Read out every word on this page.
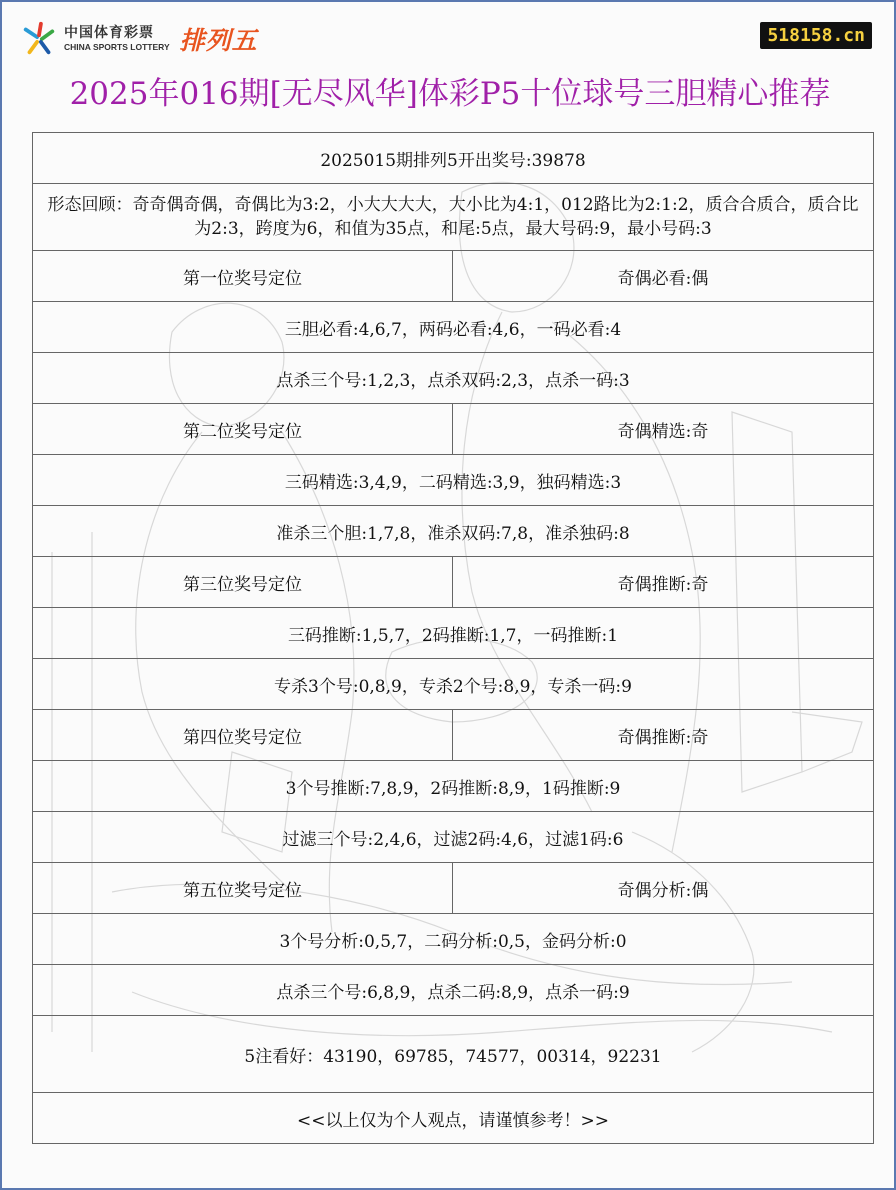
中国体育彩票
CHINA SPORTS LOTTERY 排列五	518158.cn
2025年016期[无尽风华]体彩P5十位球号三胆精心推荐
2025015期排列5开出奖号:39878	
形态回顾：奇奇偶奇偶，奇偶比为3:2，小大大大大，大小比为4:1，012路比为2:1:2，质合合质合，质合比为2:3，跨度为6，和值为35点，和尾:5点，最大号码:9，最小号码:3	
第一位奖号定位	奇偶必看:偶
三胆必看:4,6,7，两码必看:4,6，一码必看:4	
点杀三个号:1,2,3，点杀双码:2,3，点杀一码:3	
第二位奖号定位	奇偶精选:奇
三码精选:3,4,9，二码精选:3,9，独码精选:3	
准杀三个胆:1,7,8，准杀双码:7,8，准杀独码:8	
第三位奖号定位	奇偶推断:奇
三码推断:1,5,7，2码推断:1,7，一码推断:1	
专杀3个号:0,8,9，专杀2个号:8,9，专杀一码:9	
第四位奖号定位	奇偶推断:奇
3个号推断:7,8,9，2码推断:8,9，1码推断:9	
过滤三个号:2,4,6，过滤2码:4,6，过滤1码:6	
第五位奖号定位	奇偶分析:偶
3个号分析:0,5,7，二码分析:0,5，金码分析:0	
点杀三个号:6,8,9，点杀二码:8,9，点杀一码:9	
5注看好：43190，69785，74577，00314，92231	
<<以上仅为个人观点，请谨慎参考！>>	
